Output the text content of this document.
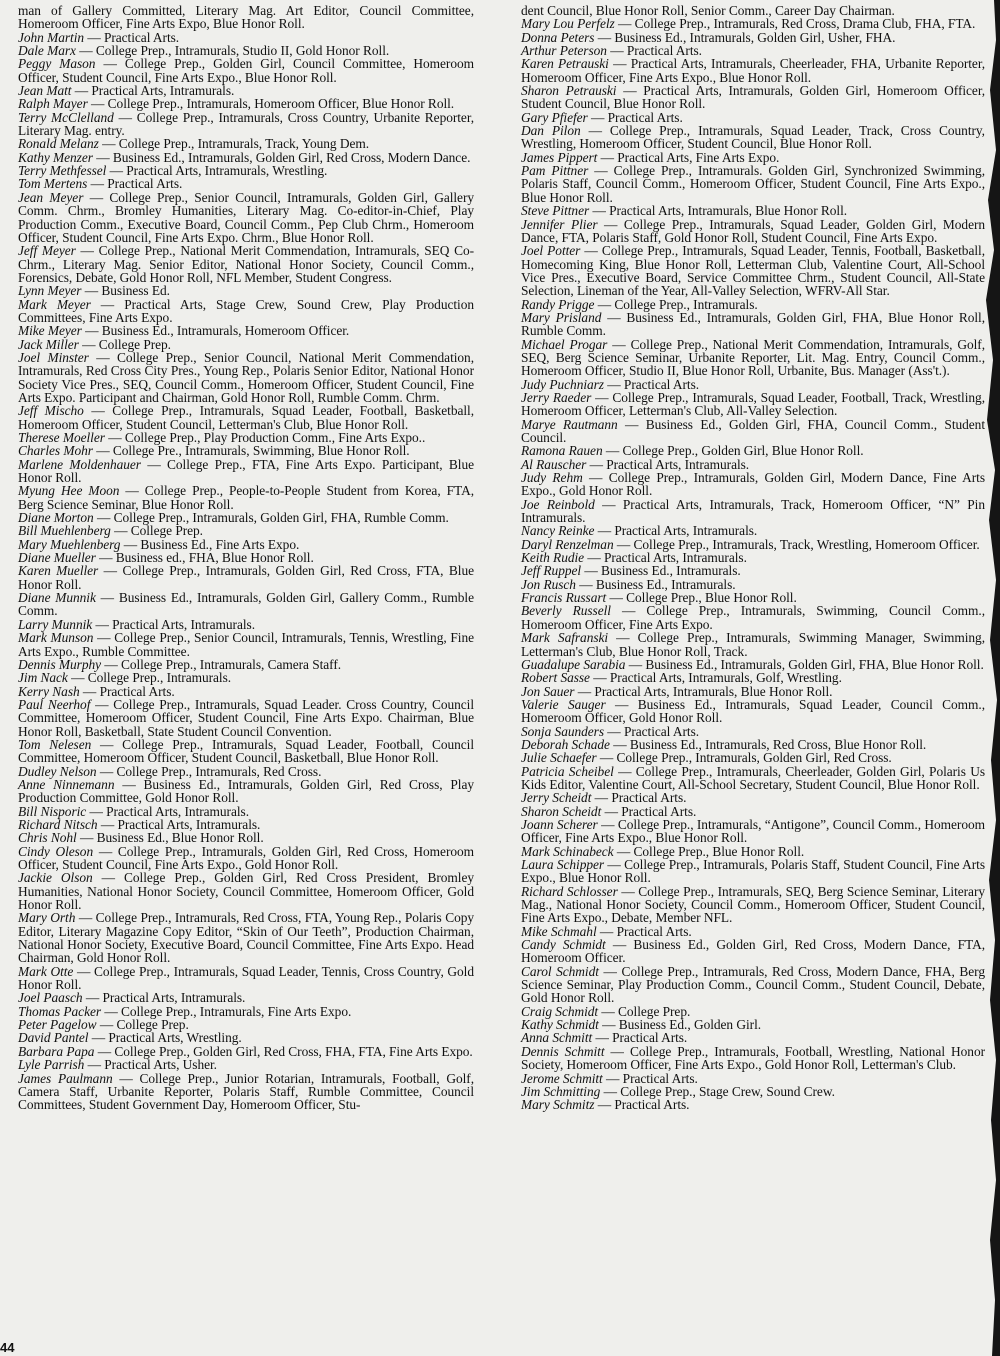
man of Gallery Committed, Literary Mag. Art Editor, Council Committee, Homeroom Officer, Fine Arts Expo, Blue Honor Roll.

John Martin — Practical Arts.

Dale Marx — College Prep., Intramurals, Studio II, Gold Honor Roll.

Peggy Mason — College Prep., Golden Girl, Council Committee, Homeroom Officer, Student Council, Fine Arts Expo., Blue Honor Roll.

Jean Matt — Practical Arts, Intramurals.

Ralph Mayer — College Prep., Intramurals, Homeroom Officer, Blue Honor Roll.

Terry McClelland — College Prep., Intramurals, Cross Country, Urbanite Reporter, Literary Mag. entry.

Ronald Melanz — College Prep., Intramurals, Track, Young Dem.

Kathy Menzer — Business Ed., Intramurals, Golden Girl, Red Cross, Modern Dance.

Terry Methfessel — Practical Arts, Intramurals, Wrestling.

Tom Mertens — Practical Arts.

Jean Meyer — College Prep., Senior Council, Intramurals, Golden Girl, Gallery Comm. Chrm., Bromley Humanities, Literary Mag. Co-editor-in-Chief, Play Production Comm., Executive Board, Council Comm., Pep Club Chrm., Homeroom Officer, Student Council, Fine Arts Expo. Chrm., Blue Honor Roll.

Jeff Meyer — College Prep., National Merit Commendation, Intramurals, SEQ Co-Chrm., Literary Mag. Senior Editor, National Honor Society, Council Comm., Forensics, Debate, Gold Honor Roll, NFL Member, Student Congress.

Lynn Meyer — Business Ed.

Mark Meyer — Practical Arts, Stage Crew, Sound Crew, Play Production Committees, Fine Arts Expo.

Mike Meyer — Business Ed., Intramurals, Homeroom Officer.

Jack Miller — College Prep.

Joel Minster — College Prep., Senior Council, National Merit Commendation, Intramurals, Red Cross City Pres., Young Rep., Polaris Senior Editor, National Honor Society Vice Pres., SEQ, Council Comm., Homeroom Officer, Student Council, Fine Arts Expo. Participant and Chairman, Gold Honor Roll, Rumble Comm. Chrm.

Jeff Mischo — College Prep., Intramurals, Squad Leader, Football, Basketball, Homeroom Officer, Student Council, Letterman's Club, Blue Honor Roll.

Therese Moeller — College Prep., Play Production Comm., Fine Arts Expo..

Charles Mohr — College Pre., Intramurals, Swimming, Blue Honor Roll.

Marlene Moldenhauer — College Prep., FTA, Fine Arts Expo. Participant, Blue Honor Roll.

Myung Hee Moon — College Prep., People-to-People Student from Korea, FTA, Berg Science Seminar, Blue Honor Roll.

Diane Morton — College Prep., Intramurals, Golden Girl, FHA, Rumble Comm.

Bill Muehlenberg — College Prep.

Mary Muehlenberg — Business Ed., Fine Arts Expo.

Diane Mueller — Business ed., FHA, Blue Honor Roll.

Karen Mueller — College Prep., Intramurals, Golden Girl, Red Cross, FTA, Blue Honor Roll.

Diane Munnik — Business Ed., Intramurals, Golden Girl, Gallery Comm., Rumble Comm.

Larry Munnik — Practical Arts, Intramurals.

Mark Munson — College Prep., Senior Council, Intramurals, Tennis, Wrestling, Fine Arts Expo., Rumble Committee.

Dennis Murphy — College Prep., Intramurals, Camera Staff.

Jim Nack — College Prep., Intramurals.

Kerry Nash — Practical Arts.

Paul Neerhof — College Prep., Intramurals, Squad Leader. Cross Country, Council Committee, Homeroom Officer, Student Council, Fine Arts Expo. Chairman, Blue Honor Roll, Basketball, State Student Council Convention.

Tom Nelesen — College Prep., Intramurals, Squad Leader, Football, Council Committee, Homeroom Officer, Student Council, Basketball, Blue Honor Roll.

Dudley Nelson — College Prep., Intramurals, Red Cross.

Anne Ninnemann — Business Ed., Intramurals, Golden Girl, Red Cross, Play Production Committee, Gold Honor Roll.

Bill Nisporic — Practical Arts, Intramurals.

Richard Nitsch — Practical Arts, Intramurals.

Chris Nohl — Business Ed., Blue Honor Roll.

Cindy Oleson — College Prep., Intramurals, Golden Girl, Red Cross, Homeroom Officer, Student Council, Fine Arts Expo., Gold Honor Roll.

Jackie Olson — College Prep., Golden Girl, Red Cross President, Bromley Humanities, National Honor Society, Council Committee, Homeroom Officer, Gold Honor Roll.

Mary Orth — College Prep., Intramurals, Red Cross, FTA, Young Rep., Polaris Copy Editor, Literary Magazine Copy Editor, “Skin of Our Teeth”, Production Chairman, National Honor Society, Executive Board, Council Committee, Fine Arts Expo. Head Chairman, Gold Honor Roll.

Mark Otte — College Prep., Intramurals, Squad Leader, Tennis, Cross Country, Gold Honor Roll.

Joel Paasch — Practical Arts, Intramurals.

Thomas Packer — College Prep., Intramurals, Fine Arts Expo.

Peter Pagelow — College Prep.

David Pantel — Practical Arts, Wrestling.

Barbara Papa — College Prep., Golden Girl, Red Cross, FHA, FTA, Fine Arts Expo.

Lyle Parrish — Practical Arts, Usher.

James Paulmann — College Prep., Junior Rotarian, Intramurals, Football, Golf, Camera Staff, Urbanite Reporter, Polaris Staff, Rumble Committee, Council Committees, Student Government Day, Homeroom Officer, Stu-

dent Council, Blue Honor Roll, Senior Comm., Career Day Chairman.

Mary Lou Perfelz — College Prep., Intramurals, Red Cross, Drama Club, FHA, FTA.

Donna Peters — Business Ed., Intramurals, Golden Girl, Usher, FHA.

Arthur Peterson — Practical Arts.

Karen Petrauski — Practical Arts, Intramurals, Cheerleader, FHA, Urbanite Reporter, Homeroom Officer, Fine Arts Expo., Blue Honor Roll.

Sharon Petrauski — Practical Arts, Intramurals, Golden Girl, Homeroom Officer, Student Council, Blue Honor Roll.

Gary Pfiefer — Practical Arts.

Dan Pilon — College Prep., Intramurals, Squad Leader, Track, Cross Country, Wrestling, Homeroom Officer, Student Council, Blue Honor Roll.

James Pippert — Practical Arts, Fine Arts Expo.

Pam Pittner — College Prep., Intramurals. Golden Girl, Synchronized Swimming, Polaris Staff, Council Comm., Homeroom Officer, Student Council, Fine Arts Expo., Blue Honor Roll.

Steve Pittner — Practical Arts, Intramurals, Blue Honor Roll.

Jennifer Plier — College Prep., Intramurals, Squad Leader, Golden Girl, Modern Dance, FTA, Polaris Staff, Gold Honor Roll, Student Council, Fine Arts Expo.

Joel Potter — College Prep., Intramurals, Squad Leader, Tennis, Football, Basketball, Homecoming King, Blue Honor Roll, Letterman Club, Valentine Court, All-School Vice Pres., Executive Board, Service Committee Chrm., Student Council, All-State Selection, Lineman of the Year, All-Valley Selection, WFRV-All Star.

Randy Prigge — College Prep., Intramurals.

Mary Prisland — Business Ed., Intramurals, Golden Girl, FHA, Blue Honor Roll, Rumble Comm.

Michael Progar — College Prep., National Merit Commendation, Intramurals, Golf, SEQ, Berg Science Seminar, Urbanite Reporter, Lit. Mag. Entry, Council Comm., Homeroom Officer, Studio II, Blue Honor Roll, Urbanite, Bus. Manager (Ass't.).

Judy Puchniarz — Practical Arts.

Jerry Raeder — College Prep., Intramurals, Squad Leader, Football, Track, Wrestling, Homeroom Officer, Letterman's Club, All-Valley Selection.

Marye Rautmann — Business Ed., Golden Girl, FHA, Council Comm., Student Council.

Ramona Rauen — College Prep., Golden Girl, Blue Honor Roll.

Al Rauscher — Practical Arts, Intramurals.

Judy Rehm — College Prep., Intramurals, Golden Girl, Modern Dance, Fine Arts Expo., Gold Honor Roll.

Joe Reinbold — Practical Arts, Intramurals, Track, Homeroom Officer, “N” Pin Intramurals.

Nancy Reinke — Practical Arts, Intramurals.

Daryl Renzelman — College Prep., Intramurals, Track, Wrestling, Homeroom Officer.

Keith Rudie — Practical Arts, Intramurals.

Jeff Ruppel — Business Ed., Intramurals.

Jon Rusch — Business Ed., Intramurals.

Francis Russart — College Prep., Blue Honor Roll.

Beverly Russell — College Prep., Intramurals, Swimming, Council Comm., Homeroom Officer, Fine Arts Expo.

Mark Safranski — College Prep., Intramurals, Swimming Manager, Swimming, Letterman's Club, Blue Honor Roll, Track.

Guadalupe Sarabia — Business Ed., Intramurals, Golden Girl, FHA, Blue Honor Roll.

Robert Sasse — Practical Arts, Intramurals, Golf, Wrestling.

Jon Sauer — Practical Arts, Intramurals, Blue Honor Roll.

Valerie Sauger — Business Ed., Intramurals, Squad Leader, Council Comm., Homeroom Officer, Gold Honor Roll.

Sonja Saunders — Practical Arts.

Deborah Schade — Business Ed., Intramurals, Red Cross, Blue Honor Roll.

Julie Schaefer — College Prep., Intramurals, Golden Girl, Red Cross.

Patricia Scheibel — College Prep., Intramurals, Cheerleader, Golden Girl, Polaris Us Kids Editor, Valentine Court, All-School Secretary, Student Council, Blue Honor Roll.

Jerry Scheidt — Practical Arts.

Sharon Scheidt — Practical Arts.

Joann Scherer — College Prep., Intramurals, “Antigone”, Council Comm., Homeroom Officer, Fine Arts Expo., Blue Honor Roll.

Mark Schinabeck — College Prep., Blue Honor Roll.

Laura Schipper — College Prep., Intramurals, Polaris Staff, Student Council, Fine Arts Expo., Blue Honor Roll.

Richard Schlosser — College Prep., Intramurals, SEQ, Berg Science Seminar, Literary Mag., National Honor Society, Council Comm., Homeroom Officer, Student Council, Fine Arts Expo., Debate, Member NFL.

Mike Schmahl — Practical Arts.

Candy Schmidt — Business Ed., Golden Girl, Red Cross, Modern Dance, FTA, Homeroom Officer.

Carol Schmidt — College Prep., Intramurals, Red Cross, Modern Dance, FHA, Berg Science Seminar, Play Production Comm., Council Comm., Student Council, Debate, Gold Honor Roll.

Craig Schmidt — College Prep.

Kathy Schmidt — Business Ed., Golden Girl.

Anna Schmitt — Practical Arts.

Dennis Schmitt — College Prep., Intramurals, Football, Wrestling, National Honor Society, Homeroom Officer, Fine Arts Expo., Gold Honor Roll, Letterman's Club.

Jerome Schmitt — Practical Arts.

Jim Schmitting — College Prep., Stage Crew, Sound Crew.

Mary Schmitz — Practical Arts.

44
